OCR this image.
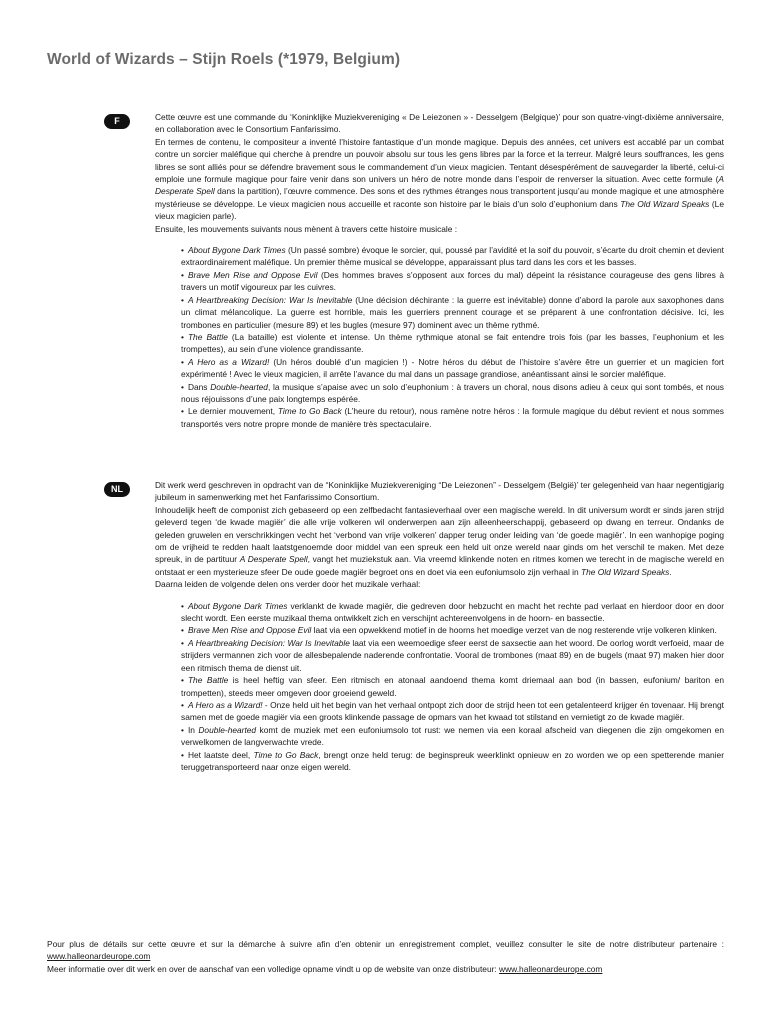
World of Wizards – Stijn Roels (*1979, Belgium)
F	Cette œuvre est une commande du ‘Koninklijke Muziekvereniging « De Leiezonen » - Desselgem (Belgique)’ pour son quatre-vingt-dixième anniversaire, en collaboration avec le Consortium Fanfarissimo.

En termes de contenu, le compositeur a inventé l’histoire fantastique d’un monde magique. Depuis des années, cet univers est accablé par un combat contre un sorcier maléfique qui cherche à prendre un pouvoir absolu sur tous les gens libres par la force et la terreur. Malgré leurs souffrances, les gens libres se sont alliés pour se défendre bravement sous le commandement d’un vieux magicien. Tentant désespérément de sauvegarder la liberté, celui-ci emploie une formule magique pour faire venir dans son univers un héro de notre monde dans l’espoir de renverser la situation. Avec cette formule (A Desperate Spell dans la partition), l’œuvre commence. Des sons et des rythmes étranges nous transportent jusqu’au monde magique et une atmosphère mystérieuse se développe. Le vieux magicien nous accueille et raconte son histoire par le biais d’un solo d’euphonium dans The Old Wizard Speaks (Le vieux magicien parle).

Ensuite, les mouvements suivants nous mènent à travers cette histoire musicale :

• About Bygone Dark Times (Un passé sombre) évoque le sorcier, qui, poussé par l’avidité et la soif du pouvoir, s’écarte du droit chemin et devient extraordinairement maléfique. Un premier thème musical se développe, apparaissant plus tard dans les cors et les basses.
• Brave Men Rise and Oppose Evil (Des hommes braves s’opposent aux forces du mal) dépeint la résistance courageuse des gens libres à travers un motif vigoureux par les cuivres.
• A Heartbreaking Decision: War Is Inevitable (Une décision déchirante : la guerre est inévitable) donne d’abord la parole aux saxophones dans un climat mélancolique. La guerre est horrible, mais les guerriers prennent courage et se préparent à une confrontation décisive. Ici, les trombones en particulier (mesure 89) et les bugles (mesure 97) dominent avec un thème rythmé.
• The Battle (La bataille) est violente et intense. Un thème rythmique atonal se fait entendre trois fois (par les basses, l’euphonium et les trompettes), au sein d’une violence grandissante.
• A Hero as a Wizard! (Un héros doublé d’un magicien !) - Notre héros du début de l’histoire s’avère être un guerrier et un magicien fort expérimenté ! Avec le vieux magicien, il arrête l’avance du mal dans un passage grandiose, anéantissant ainsi le sorcier maléfique.
• Dans Double-hearted, la musique s’apaise avec un solo d’euphonium : à travers un choral, nous disons adieu à ceux qui sont tombés, et nous nous réjouissons d’une paix longtemps espérée.
• Le dernier mouvement, Time to Go Back (L’heure du retour), nous ramène notre héros : la formule magique du début revient et nous sommes transportés vers notre propre monde de manière très spectaculaire.
NL	Dit werk werd geschreven in opdracht van de “Koninklijke Muziekvereniging “De Leiezonen” - Desselgem (België)’ ter gelegenheid van haar negentigjarig jubileum in samenwerking met het Fanfarissimo Consortium.

Inhoudelijk heeft de componist zich gebaseerd op een zelfbedacht fantasieverhaal over een magische wereld. In dit universum wordt er sinds jaren strijd geleverd tegen ‘de kwade magiër’ die alle vrije volkeren wil onderwerpen aan zijn alleenheerschappij, gebaseerd op dwang en terreur. Ondanks de geleden gruwelen en verschrikkingen vecht het ‘verbond van vrije volkeren’ dapper terug onder leiding van ‘de goede magiër’. In een wanhopige poging om de vrijheid te redden haalt laatstgenoemde door middel van een spreuk een held uit onze wereld naar ginds om het verschil te maken. Met deze spreuk, in de partituur A Desperate Spell, vangt het muziekstuk aan. Via vreemd klinkende noten en ritmes komen we terecht in de magische wereld en ontstaat er een mysterieuze sfeer De oude goede magiër begroet ons en doet via een eufoniumsolo zijn verhaal in The Old Wizard Speaks.

Daarna leiden de volgende delen ons verder door het muzikale verhaal:

• About Bygone Dark Times verklankt de kwade magiër, die gedreven door hebzucht en macht het rechte pad verlaat en hierdoor door en door slecht wordt. Een eerste muzikaal thema ontwikkelt zich en verschijnt achtereenvolgens in de hoorn- en bassectie.
• Brave Men Rise and Oppose Evil laat via een opwekkend motief in de hoorns het moedige verzet van de nog resterende vrije volkeren klinken.
• A Heartbreaking Decision: War Is Inevitable laat via een weemoedige sfeer eerst de saxsectie aan het woord. De oorlog wordt verfoeid, maar de strijders vermannen zich voor de allesbepalende naderende confrontatie. Vooral de trombones (maat 89) en de bugels (maat 97) maken hier door een ritmisch thema de dienst uit.
• The Battle is heel heftig van sfeer. Een ritmisch en atonaal aandoend thema komt driemaal aan bod (in bassen, eufonium/ bariton en trompetten), steeds meer omgeven door groeiend geweld.
• A Hero as a Wizard! - Onze held uit het begin van het verhaal ontpopt zich door de strijd heen tot een getalenteerd krijger én tovenaar. Hij brengt samen met de goede magiër via een groots klinkende passage de opmars van het kwaad tot stilstand en vernietigt zo de kwade magiër.
• In Double-hearted komt de muziek met een eufoniumsolo tot rust: we nemen via een koraal afscheid van diegenen die zijn omgekomen en verwelkomen de langverwachte vrede.
• Het laatste deel, Time to Go Back, brengt onze held terug: de beginspreuk weerklinkt opnieuw en zo worden we op een spetterende manier teruggetransporteerd naar onze eigen wereld.

Pour plus de détails sur cette œuvre et sur la démarche à suivre afin d’en obtenir un enregistrement complet, veuillez consulter le site de notre distributeur partenaire : www.halleonardeurope.com

Meer informatie over dit werk en over de aanschaf van een volledige opname vindt u op de website van onze distributeur: www.halleonardeurope.com
